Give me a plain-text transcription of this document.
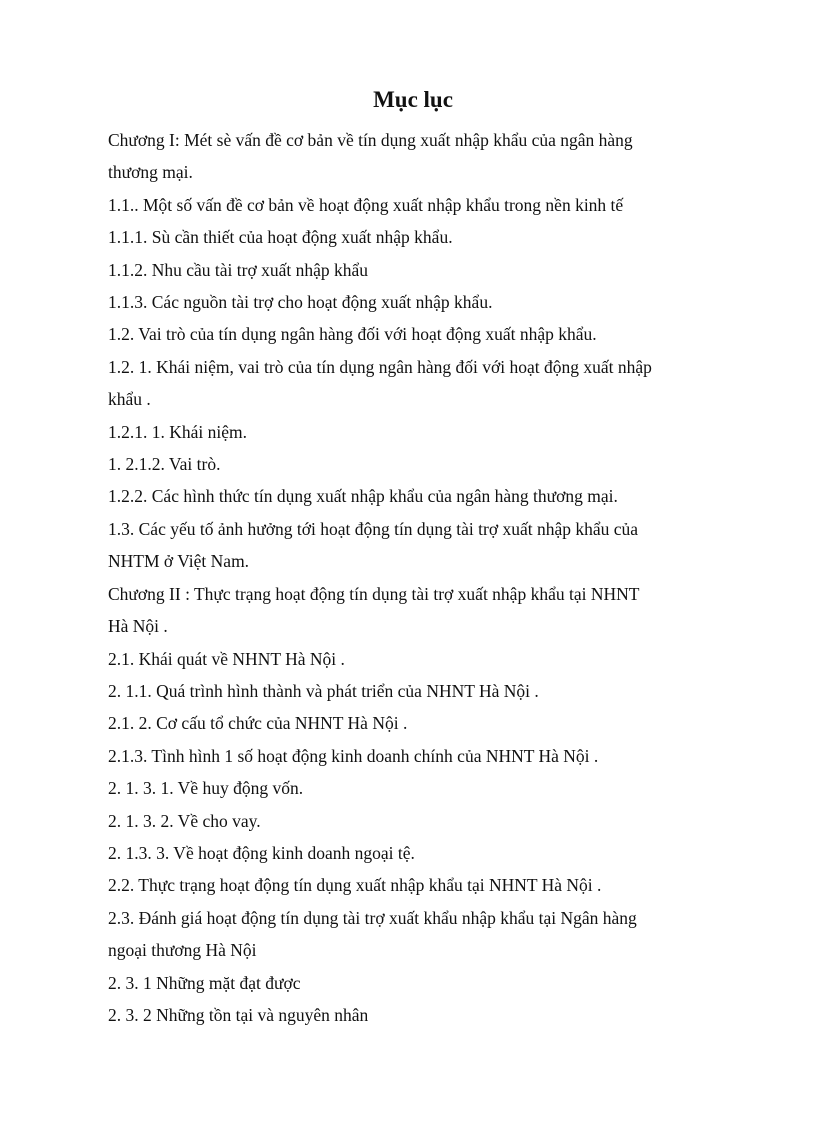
Mục lục

Chương I: Mét sè vấn đề cơ bản về tín dụng xuất nhập khẩu của ngân hàng

thương mại.

1.1.. Một số vấn đề cơ bản về hoạt động xuất nhập khẩu trong nền kinh tế

1.1.1. Sù cần thiết của hoạt động xuất nhập khẩu.

1.1.2. Nhu cầu tài trợ xuất nhập khẩu

1.1.3. Các nguồn tài trợ cho hoạt động xuất nhập khẩu.

1.2. Vai trò của tín dụng ngân hàng đối với hoạt động xuất nhập khẩu.

1.2. 1. Khái niệm, vai trò của tín dụng ngân hàng đối với hoạt động xuất nhập

khẩu .

1.2.1. 1. Khái niệm.

1. 2.1.2. Vai trò.

1.2.2. Các hình thức tín dụng xuất nhập khẩu của ngân hàng thương mại.

1.3. Các yếu tố ảnh hưởng tới hoạt động tín dụng tài trợ xuất nhập khẩu của

NHTM ở Việt Nam.

Chương II : Thực trạng hoạt động tín dụng tài trợ xuất nhập khẩu tại NHNT

Hà Nội .

2.1. Khái quát về NHNT Hà Nội .

2. 1.1. Quá trình hình thành và phát triển của NHNT Hà Nội .

2.1. 2. Cơ cấu tổ chức của NHNT Hà Nội .

2.1.3. Tình hình 1 số hoạt động kinh doanh chính của NHNT Hà Nội .

2. 1. 3. 1. Về huy động vốn.

2. 1. 3. 2. Về cho vay.

2. 1.3. 3. Về hoạt động kinh doanh ngoại tệ.

2.2. Thực trạng hoạt động tín dụng xuất nhập khẩu tại NHNT Hà Nội .

2.3. Đánh giá hoạt động tín dụng tài trợ xuất khẩu nhập khẩu tại Ngân hàng

ngoại thương Hà Nội

2. 3. 1 Những mặt đạt được

2. 3. 2 Những tồn tại và nguyên nhân
